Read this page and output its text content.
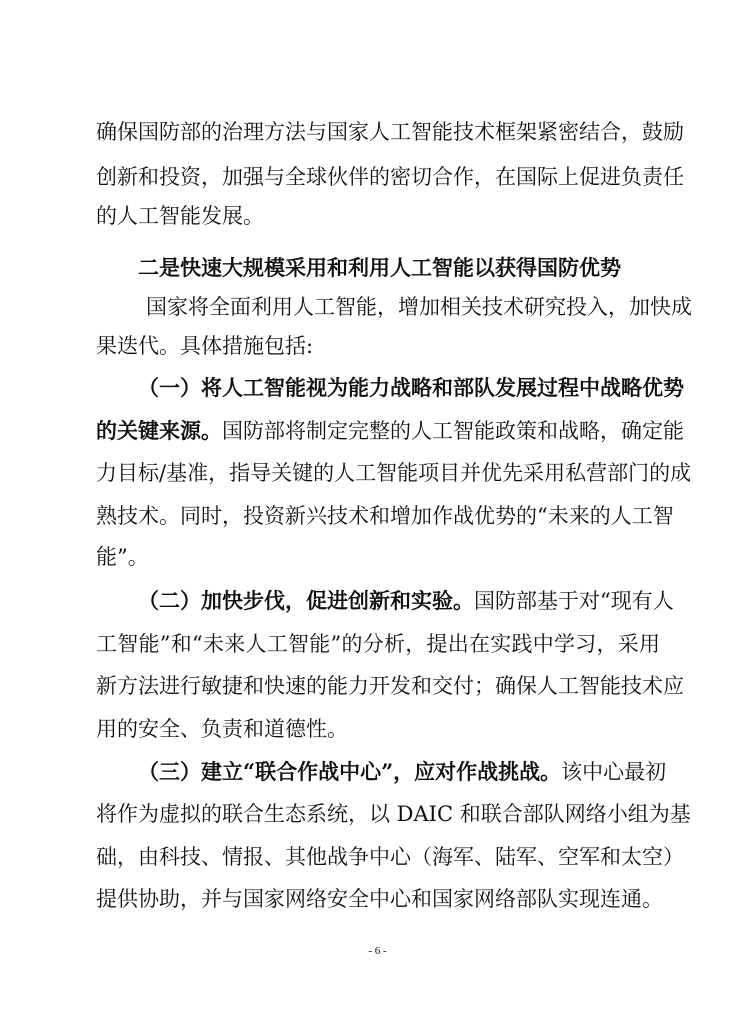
确保国防部的治理方法与国家人工智能技术框架紧密结合，鼓励
创新和投资，加强与全球伙伴的密切合作，在国际上促进负责任
的人工智能发展。
二是快速大规模采用和利用人工智能以获得国防优势
国家将全面利用人工智能，增加相关技术研究投入，加快成
果迭代。具体措施包括:
（一）将人工智能视为能力战略和部队发展过程中战略优势
的关键来源。国防部将制定完整的人工智能政策和战略，确定能
力目标/基准，指导关键的人工智能项目并优先采用私营部门的成
熟技术。同时，投资新兴技术和增加作战优势的“未来的人工智
能”。
（二）加快步伐，促进创新和实验。国防部基于对“现有人
工智能”和“未来人工智能”的分析，提出在实践中学习，采用
新方法进行敏捷和快速的能力开发和交付；确保人工智能技术应
用的安全、负责和道德性。
（三）建立“联合作战中心”，应对作战挑战。该中心最初
将作为虚拟的联合生态系统，以 DAIC 和联合部队网络小组为基
础，由科技、情报、其他战争中心（海军、陆军、空军和太空）
提供协助，并与国家网络安全中心和国家网络部队实现连通。
- 6 -
